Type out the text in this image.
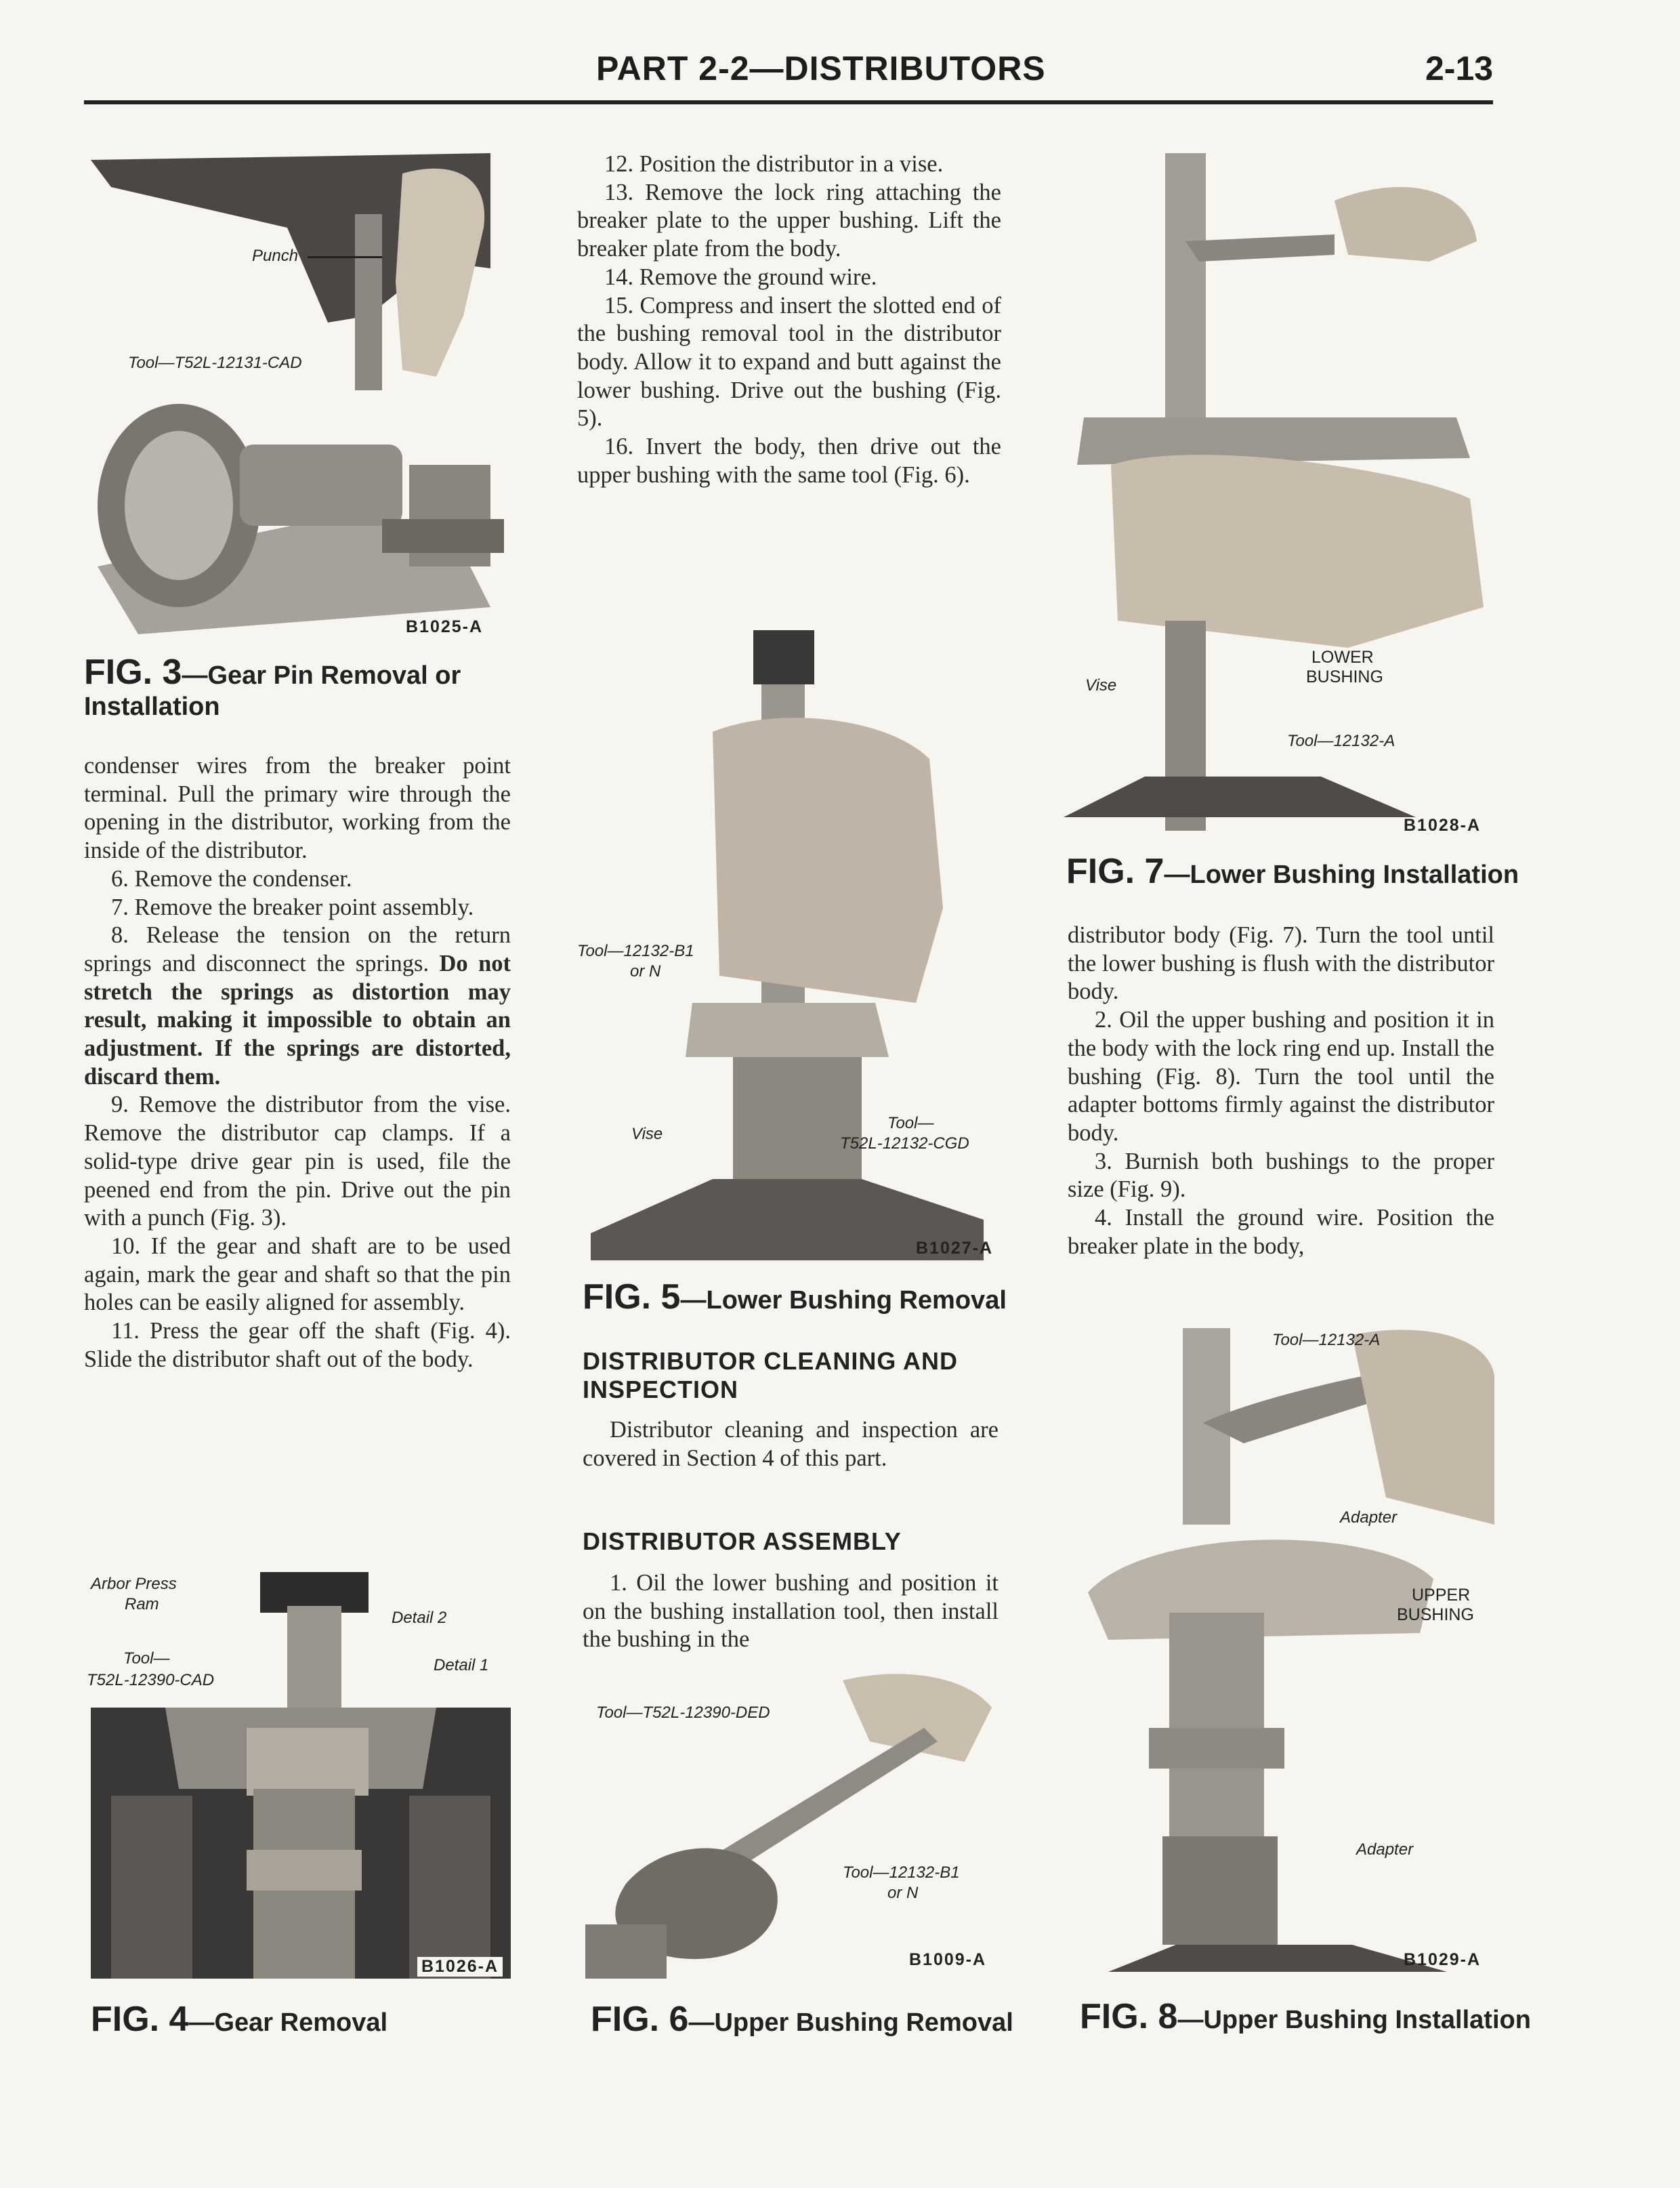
PART 2-2—DISTRIBUTORS	2-13
Punch
Tool—T52L-12131-CAD
B1025-A
FIG. 3—Gear Pin Removal or Installation

condenser wires from the breaker point terminal. Pull the primary wire through the opening in the distributor, working from the inside of the distributor.

6. Remove the condenser.

7. Remove the breaker point assembly.

8. Release the tension on the return springs and disconnect the springs. Do not stretch the springs as distortion may result, making it impossible to obtain an adjustment. If the springs are distorted, discard them.

9. Remove the distributor from the vise. Remove the distributor cap clamps. If a solid-type drive gear pin is used, file the peened end from the pin. Drive out the pin with a punch (Fig. 3).

10. If the gear and shaft are to be used again, mark the gear and shaft so that the pin holes can be easily aligned for assembly.

11. Press the gear off the shaft (Fig. 4). Slide the distributor shaft out of the body.

Arbor Press
Ram
Detail 2
Tool—
T52L-12390-CAD
Detail 1
B1026-A
FIG. 4—Gear Removal

12. Position the distributor in a vise.

13. Remove the lock ring attaching the breaker plate to the upper bushing. Lift the breaker plate from the body.

14. Remove the ground wire.

15. Compress and insert the slotted end of the bushing removal tool in the distributor body. Allow it to expand and butt against the lower bushing. Drive out the bushing (Fig. 5).

16. Invert the body, then drive out the upper bushing with the same tool (Fig. 6).

Tool—12132-B1
or N
Vise
Tool—
T52L-12132-CGD
B1027-A
FIG. 5—Lower Bushing Removal
DISTRIBUTOR CLEANING AND INSPECTION

Distributor cleaning and inspection are covered in Section 4 of this part.

DISTRIBUTOR ASSEMBLY

1. Oil the lower bushing and position it on the bushing installation tool, then install the bushing in the

Tool—T52L-12390-DED
Tool—12132-B1
or N
B1009-A
FIG. 6—Upper Bushing Removal
Vise
LOWER
BUSHING
Tool—12132-A
B1028-A
FIG. 7—Lower Bushing Installation

distributor body (Fig. 7). Turn the tool until the lower bushing is flush with the distributor body.

2. Oil the upper bushing and position it in the body with the lock ring end up. Install the bushing (Fig. 8). Turn the tool until the adapter bottoms firmly against the distributor body.

3. Burnish both bushings to the proper size (Fig. 9).

4. Install the ground wire. Position the breaker plate in the body,

Tool—12132-A
Adapter
UPPER
BUSHING
Adapter
B1029-A
FIG. 8—Upper Bushing Installation
